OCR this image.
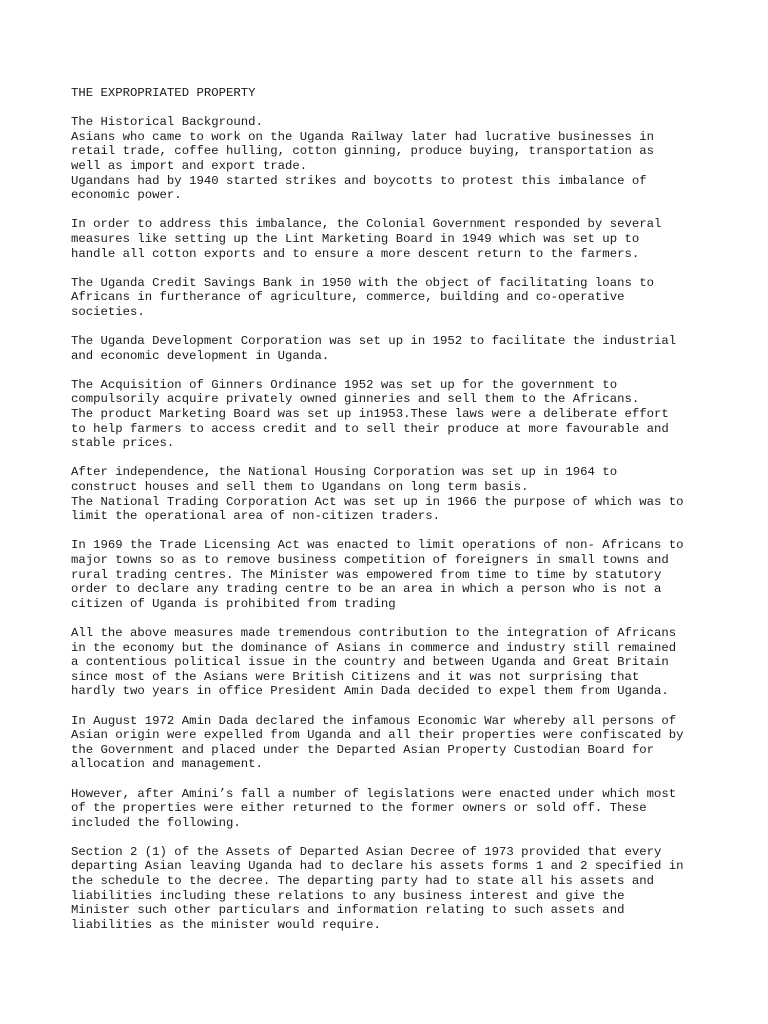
THE EXPROPRIATED PROPERTY
The Historical Background.
Asians who came to work on the Uganda Railway later had lucrative businesses in
retail trade, coffee hulling, cotton ginning, produce buying, transportation as
well as import and export trade.
Ugandans had by 1940 started strikes and boycotts to protest this imbalance of
economic power.
In order to address this imbalance, the Colonial Government responded by several
measures like setting up the Lint Marketing Board in 1949 which was set up to
handle all cotton exports and to ensure a more descent return to the farmers.
The Uganda Credit Savings Bank in 1950 with the object of facilitating loans to
Africans in furtherance of agriculture, commerce, building and co-operative
societies.
The Uganda Development Corporation was set up in 1952 to facilitate the industrial
and economic development in Uganda.
The Acquisition of Ginners Ordinance 1952 was set up for the government to
compulsorily acquire privately owned ginneries and sell them to the Africans.
The product Marketing Board was set up in1953.These laws were a deliberate effort
to help farmers to access credit and to sell their produce at more favourable and
stable prices.
After independence, the National Housing Corporation was set up in 1964 to
construct houses and sell them to Ugandans on long term basis.
The National Trading Corporation Act was set up in 1966 the purpose of which was to
limit the operational area of non-citizen traders.
In 1969 the Trade Licensing Act was enacted to limit operations of non- Africans to
major towns so as to remove business competition of foreigners in small towns and
rural trading centres. The Minister was empowered from time to time by statutory
order to declare any trading centre to be an area in which a person who is not a
citizen of Uganda is prohibited from trading
All the above measures made tremendous contribution to the integration of Africans
in the economy but the dominance of Asians in commerce and industry still remained
a contentious political issue in the country and between Uganda and Great Britain
since most of the Asians were British Citizens and it was not surprising that
hardly two years in office President Amin Dada decided to expel them from Uganda.
In August 1972 Amin Dada declared the infamous Economic War whereby all persons of
Asian origin were expelled from Uganda and all their properties were confiscated by
the Government and placed under the Departed Asian Property Custodian Board for
allocation and management.
However, after Amini’s fall a number of legislations were enacted under which most
of the properties were either returned to the former owners or sold off. These
included the following.
Section 2 (1) of the Assets of Departed Asian Decree of 1973 provided that every
departing Asian leaving Uganda had to declare his assets forms 1 and 2 specified in
the schedule to the decree. The departing party had to state all his assets and
liabilities including these relations to any business interest and give the
Minister such other particulars and information relating to such assets and
liabilities as the minister would require.
